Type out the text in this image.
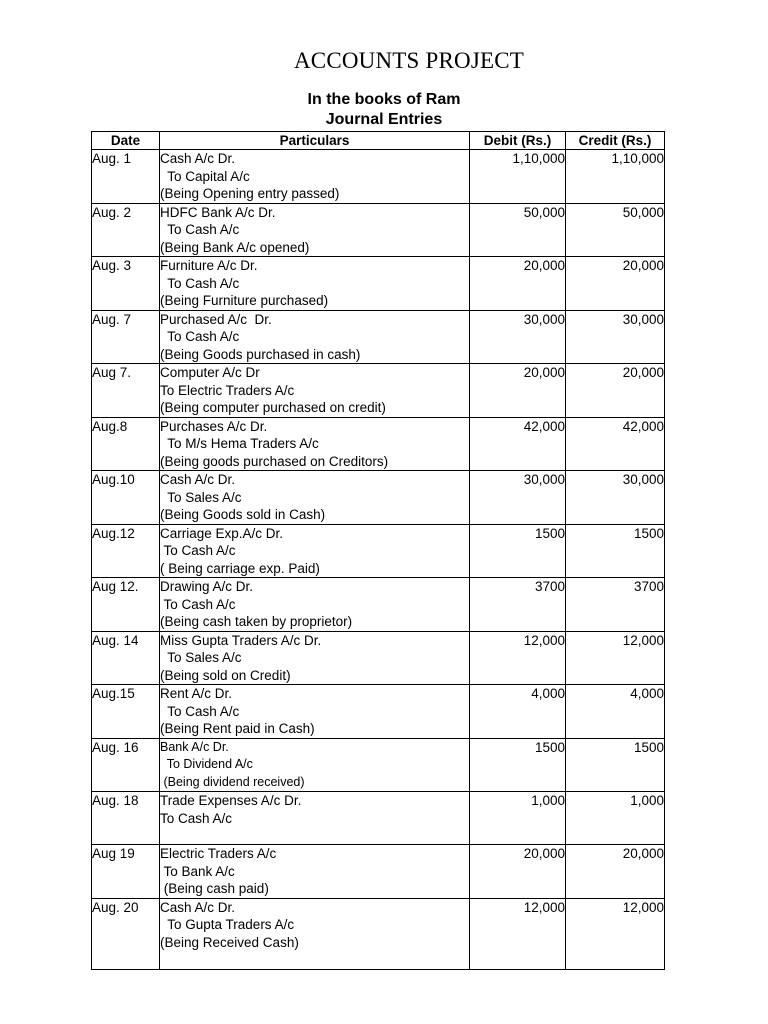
ACCOUNTS PROJECT
In the books of Ram
Journal Entries
Date	Particulars	Debit (Rs.)	Credit (Rs.)
Aug. 1	Cash A/c Dr.
To Capital A/c
(Being Opening entry passed)	1,10,000	1,10,000
Aug. 2	HDFC Bank A/c Dr.
To Cash A/c
(Being Bank A/c opened)	50,000	50,000
Aug. 3	Furniture A/c Dr.
To Cash A/c
(Being Furniture purchased)	20,000	20,000
Aug. 7	Purchased A/c  Dr.
To Cash A/c
(Being Goods purchased in cash)	30,000	30,000
Aug 7.	Computer A/c Dr
To Electric Traders A/c
(Being computer purchased on credit)	20,000	20,000
Aug.8	Purchases A/c Dr.
To M/s Hema Traders A/c
(Being goods purchased on Creditors)	42,000	42,000
Aug.10	Cash A/c Dr.
To Sales A/c
(Being Goods sold in Cash)	30,000	30,000
Aug.12	Carriage Exp.A/c Dr.
To Cash A/c
( Being carriage exp. Paid)	1500	1500
Aug 12.	Drawing A/c Dr.
To Cash A/c
(Being cash taken by proprietor)	3700	3700
Aug. 14	Miss Gupta Traders A/c Dr.
To Sales A/c
(Being sold on Credit)	12,000	12,000
Aug.15	Rent A/c Dr.
To Cash A/c
(Being Rent paid in Cash)	4,000	4,000
Aug. 16	Bank A/c Dr.
To Dividend A/c
(Being dividend received)	1500	1500
Aug. 18	Trade Expenses A/c Dr.
To Cash A/c	1,000	1,000
Aug 19	Electric Traders A/c
To Bank A/c
(Being cash paid)	20,000	20,000
Aug. 20	Cash A/c Dr.
To Gupta Traders A/c
(Being Received Cash)	12,000	12,000
